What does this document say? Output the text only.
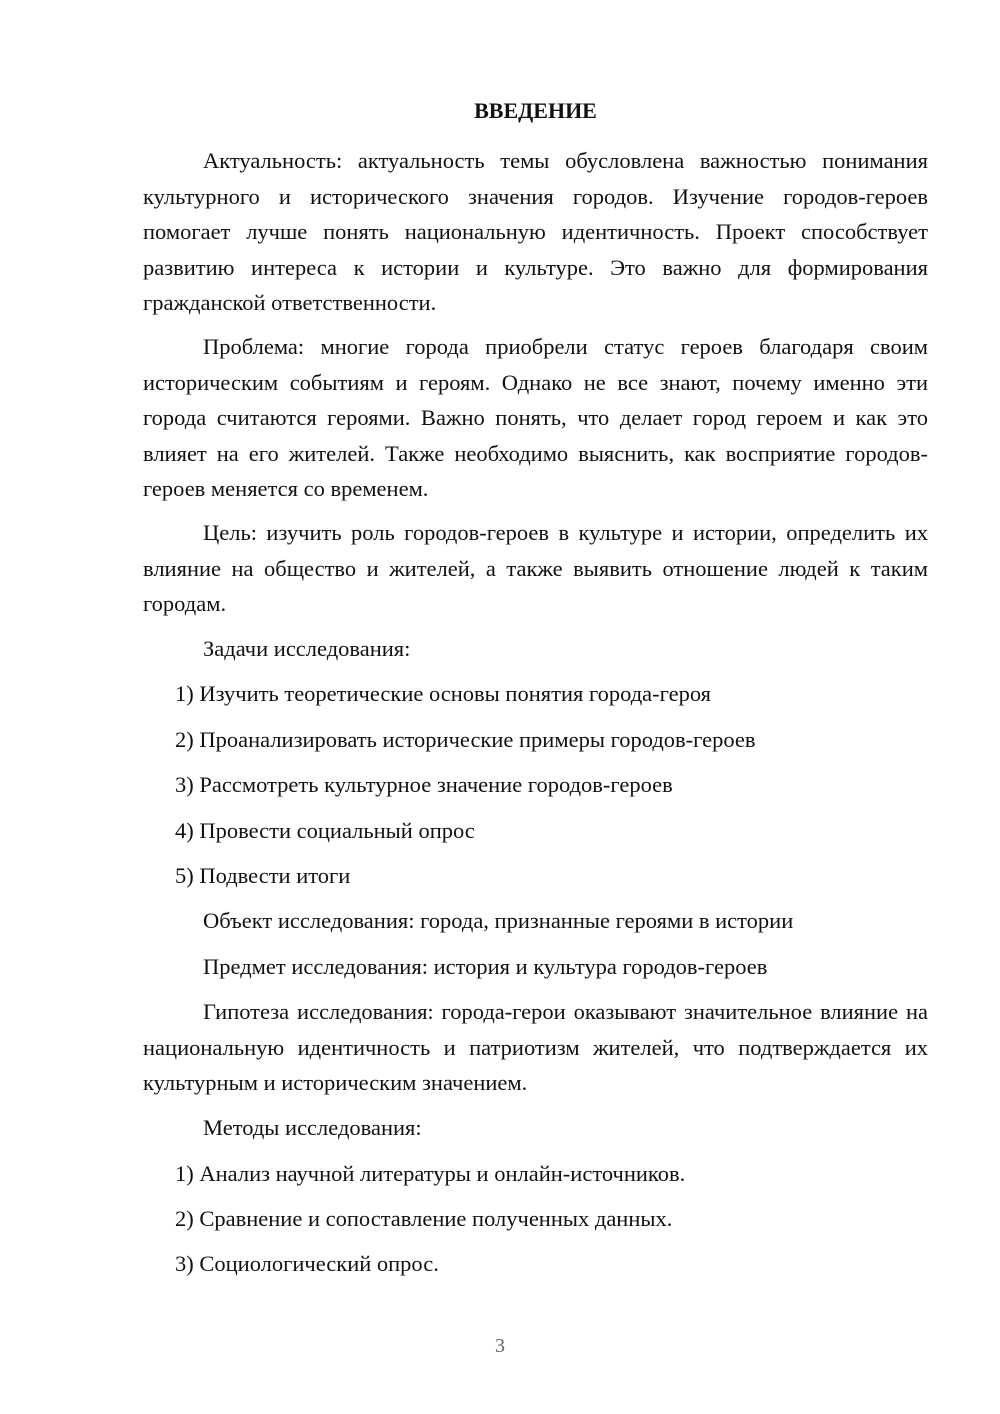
ВВЕДЕНИЕ

Актуальность: актуальность темы обусловлена важностью понимания культурного и исторического значения городов. Изучение городов-героев помогает лучше понять национальную идентичность. Проект способствует развитию интереса к истории и культуре. Это важно для формирования гражданской ответственности.

Проблема: многие города приобрели статус героев благодаря своим историческим событиям и героям. Однако не все знают, почему именно эти города считаются героями. Важно понять, что делает город героем и как это влияет на его жителей. Также необходимо выяснить, как восприятие городов-героев меняется со временем.

Цель: изучить роль городов-героев в культуре и истории, определить их влияние на общество и жителей, а также выявить отношение людей к таким городам.

Задачи исследования:

1) Изучить теоретические основы понятия города-героя

2) Проанализировать исторические примеры городов-героев

3) Рассмотреть культурное значение городов-героев

4) Провести социальный опрос

5) Подвести итоги

Объект исследования: города, признанные героями в истории

Предмет исследования: история и культура городов-героев

Гипотеза исследования: города-герои оказывают значительное влияние на национальную идентичность и патриотизм жителей, что подтверждается их культурным и историческим значением.

Методы исследования:

1) Анализ научной литературы и онлайн-источников.

2) Сравнение и сопоставление полученных данных.

3) Социологический опрос.

3
